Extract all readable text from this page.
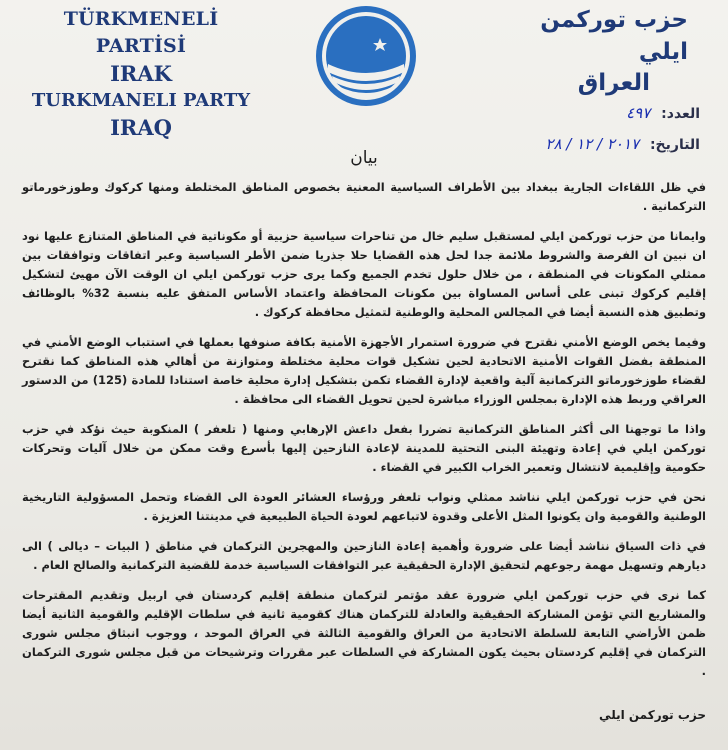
TÜRKMENELİ PARTİSİ
IRAK
TURKMANELI PARTY
IRAQ
حزب توركمن ايلي
العراق
العدد: ٤٩٧
التاريخ: ٢٠١٧ / ١٢ / ٢٨
بيان

في ظل اللقاءات الجارية ببغداد بين الأطراف السياسية المعنية بخصوص المناطق المختلطة ومنها كركوك وطوزخورماتو التركمانية .

وايمانا من حزب توركمن ايلي لمستقبل سليم خال من تناحرات سياسية حزبية أو مكوناتية في المناطق المتنازع عليها نود ان نبين ان الفرصة والشروط ملائمة جدا لحل هذه القضايا حلا جذريا ضمن الأطر السياسية وعبر اتفاقات وتوافقات بين ممثلي المكونات في المنطقة ، من خلال حلول تخدم الجميع وكما يرى حزب توركمن ايلي ان الوقت الآن مهيئ لتشكيل إقليم كركوك تبنى على أساس المساواة بين مكونات المحافظة واعتماد الأساس المتفق عليه بنسبة 32% بالوظائف وتطبيق هذه النسبة أيضا في المجالس المحلية والوطنية لتمثيل محافظة كركوك .

وفيما يخص الوضع الأمني نقترح في ضرورة استمرار الأجهزة الأمنية بكافة صنوفها بعملها في استتباب الوضع الأمني في المنطقة بفضل القوات الأمنية الاتحادية لحين تشكيل قوات محلية مختلطة ومتوازنة من أهالي هذه المناطق كما نقترح لقضاء طوزخورماتو التركمانية آلية واقعية لإدارة القضاء تكمن بتشكيل إدارة محلية خاصة استنادا للمادة (125) من الدستور العراقي وربط هذه الإدارة بمجلس الوزراء مباشرة لحين تحويل القضاء الى محافظة .

واذا ما توجهنا الى أكثر المناطق التركمانية تضررا بفعل داعش الإرهابي ومنها ( تلعفر ) المنكوبة حيث نؤكد في حزب توركمن ايلي في إعادة وتهيئة البنى التحتية للمدينة لإعادة النازحين إليها بأسرع وقت ممكن من خلال آليات وتحركات حكومية وإقليمية لانتشال وتعمير الخراب الكبير في القضاء .

نحن في حزب توركمن ايلي نناشد ممثلي ونواب تلعفر ورؤساء العشائر العودة الى القضاء وتحمل المسؤولية التاريخية الوطنية والقومية وان يكونوا المثل الأعلى وقدوة لاتباعهم لعودة الحياة الطبيعية في مدينتنا العزيزة .

في ذات السياق نناشد أيضا على ضرورة وأهمية إعادة النازحين والمهجرين التركمان في مناطق ( البيات – ديالى ) الى ديارهم وتسهيل مهمة رجوعهم لتحقيق الإدارة الحقيقية عبر التوافقات السياسية خدمة للقضية التركمانية والصالح العام .

كما نرى في حزب توركمن ايلي ضرورة عقد مؤتمر لتركمان منطقة إقليم كردستان في اربيل وتقديم المقترحات والمشاريع التي تؤمن المشاركة الحقيقية والعادلة للتركمان هناك كقومية ثانية في سلطات الإقليم والقومية الثانية أيضا ظمن الأراضي التابعة للسلطة الاتحادية من العراق والقومية الثالثة في العراق الموحد ، ووجوب انبثاق مجلس شورى التركمان في إقليم كردستان بحيث يكون المشاركة في السلطات عبر مقررات وترشيحات من قبل مجلس شورى التركمان .

حزب توركمن ايلي
